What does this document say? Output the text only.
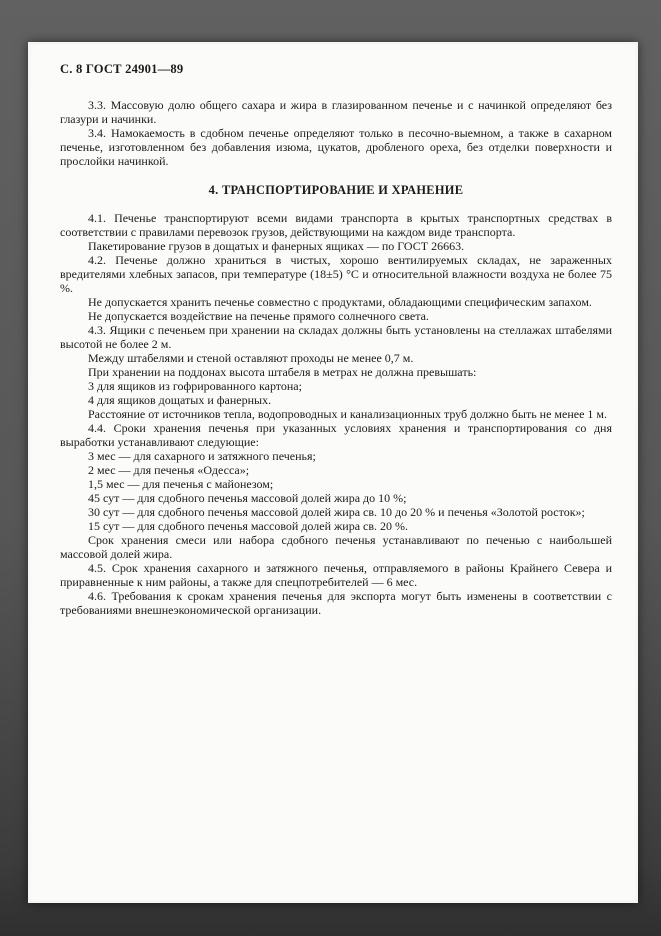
С. 8 ГОСТ 24901—89

3.3. Массовую долю общего сахара и жира в глазированном печенье и с начинкой определяют без глазури и начинки.

3.4. Намокаемость в сдобном печенье определяют только в песочно-выемном, а также в сахарном печенье, изготовленном без добавления изюма, цукатов, дробленого ореха, без отделки поверхности и прослойки начинкой.

4. ТРАНСПОРТИРОВАНИЕ И ХРАНЕНИЕ

4.1. Печенье транспортируют всеми видами транспорта в крытых транспортных средствах в соответствии с правилами перевозок грузов, действующими на каждом виде транспорта.

Пакетирование грузов в дощатых и фанерных ящиках — по ГОСТ 26663.

4.2. Печенье должно храниться в чистых, хорошо вентилируемых складах, не зараженных вредителями хлебных запасов, при температуре (18±5) °С и относительной влажности воздуха не более 75 %.

Не допускается хранить печенье совместно с продуктами, обладающими специфическим запахом.

Не допускается воздействие на печенье прямого солнечного света.

4.3. Ящики с печеньем при хранении на складах должны быть установлены на стеллажах штабелями высотой не более 2 м.

Между штабелями и стеной оставляют проходы не менее 0,7 м.

При хранении на поддонах высота штабеля в метрах не должна превышать:

3 для ящиков из гофрированного картона;

4 для ящиков дощатых и фанерных.

Расстояние от источников тепла, водопроводных и канализационных труб должно быть не менее 1 м.

4.4. Сроки хранения печенья при указанных условиях хранения и транспортирования со дня выработки устанавливают следующие:

3 мес — для сахарного и затяжного печенья;

2 мес — для печенья «Одесса»;

1,5 мес — для печенья с майонезом;

45 сут — для сдобного печенья массовой долей жира до 10 %;

30 сут — для сдобного печенья массовой долей жира св. 10 до 20 % и печенья «Золотой росток»;

15 сут — для сдобного печенья массовой долей жира св. 20 %.

Срок хранения смеси или набора сдобного печенья устанавливают по печенью с наибольшей массовой долей жира.

4.5. Срок хранения сахарного и затяжного печенья, отправляемого в районы Крайнего Севера и приравненные к ним районы, а также для спецпотребителей — 6 мес.

4.6. Требования к срокам хранения печенья для экспорта могут быть изменены в соответствии с требованиями внешнеэкономической организации.
